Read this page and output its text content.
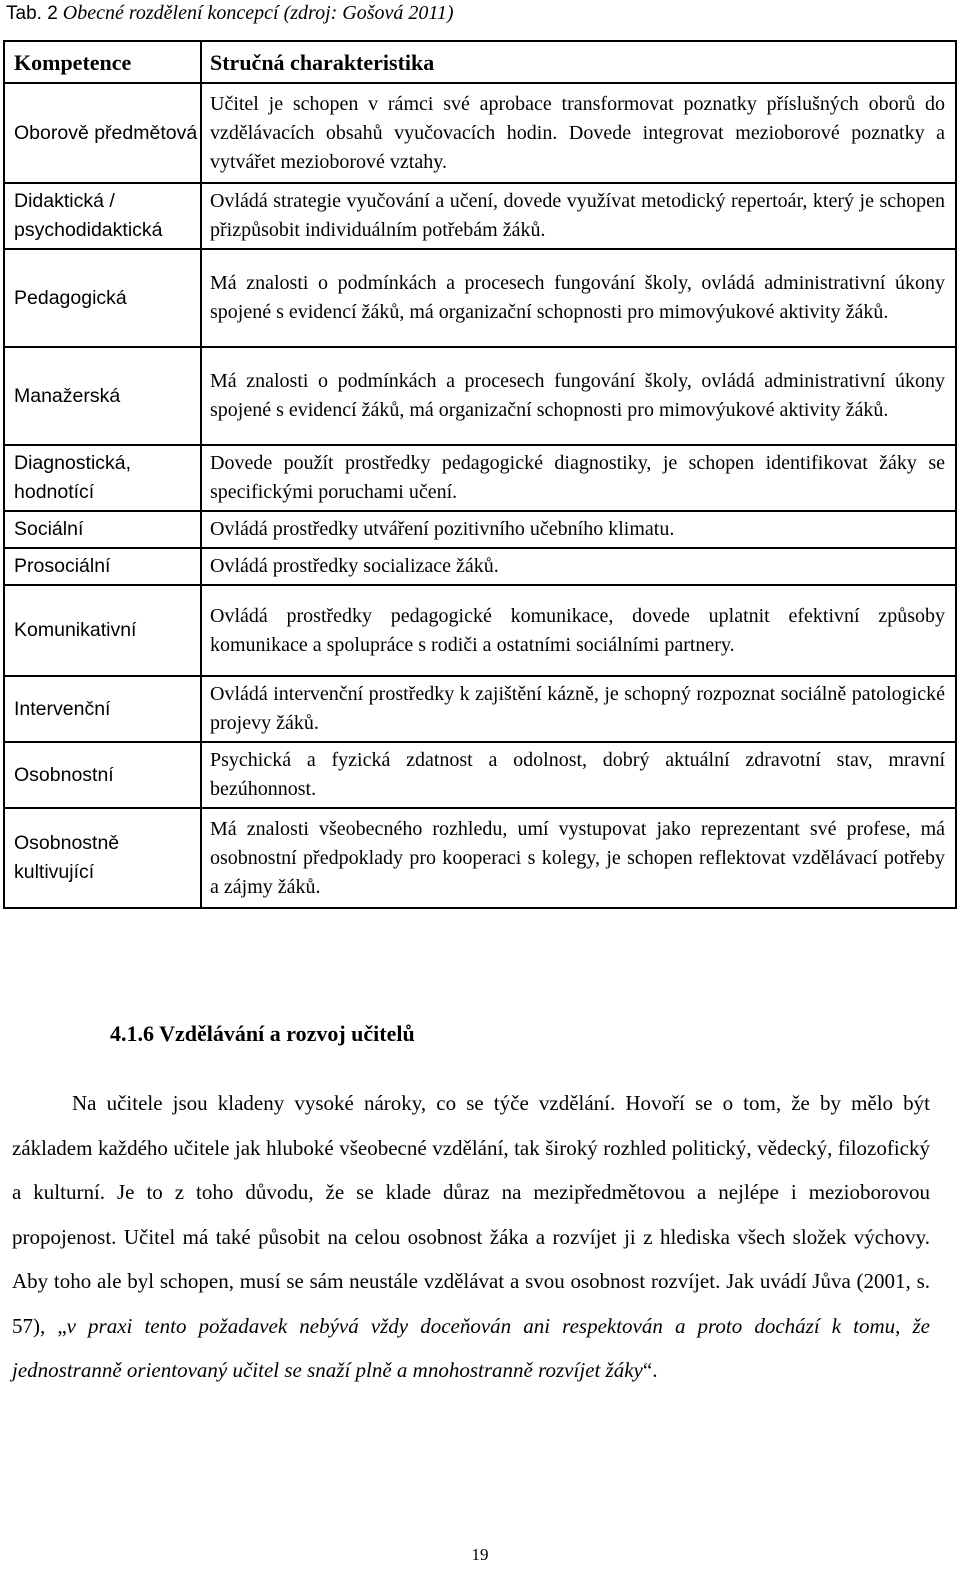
Tab. 2 Obecné rozdělení koncepcí (zdroj: Gošová 2011)
Kompetence	Stručná charakteristika
Oborově předmětová	Učitel je schopen v rámci své aprobace transformovat poznatky příslušných oborů do vzdělávacích obsahů vyučovacích hodin. Dovede integrovat mezioborové poznatky a vytvářet mezioborové vztahy.
Didaktická / psychodidaktická	Ovládá strategie vyučování a učení, dovede využívat metodický repertoár, který je schopen přizpůsobit individuálním potřebám žáků.
Pedagogická	Má znalosti o podmínkách a procesech fungování školy, ovládá administrativní úkony spojené s evidencí žáků, má organizační schopnosti pro mimovýukové aktivity žáků.
Manažerská	Má znalosti o podmínkách a procesech fungování školy, ovládá administrativní úkony spojené s evidencí žáků, má organizační schopnosti pro mimovýukové aktivity žáků.
Diagnostická, hodnotící	Dovede použít prostředky pedagogické diagnostiky, je schopen identifikovat žáky se specifickými poruchami učení.
Sociální	Ovládá prostředky utváření pozitivního učebního klimatu.
Prosociální	Ovládá prostředky socializace žáků.
Komunikativní	Ovládá prostředky pedagogické komunikace, dovede uplatnit efektivní způsoby komunikace a spolupráce s rodiči a ostatními sociálními partnery.
Intervenční	Ovládá intervenční prostředky k zajištění kázně, je schopný rozpoznat sociálně patologické projevy žáků.
Osobnostní	Psychická a fyzická zdatnost a odolnost, dobrý aktuální zdravotní stav, mravní bezúhonnost.
Osobnostně kultivující	Má znalosti všeobecného rozhledu, umí vystupovat jako reprezentant své profese, má osobnostní předpoklady pro kooperaci s kolegy, je schopen reflektovat vzdělávací potřeby a zájmy žáků.
4.1.6 Vzdělávání a rozvoj učitelů

Na učitele jsou kladeny vysoké nároky, co se týče vzdělání. Hovoří se o tom, že by mělo být základem každého učitele jak hluboké všeobecné vzdělání, tak široký rozhled politický, vědecký, filozofický a kulturní. Je to z toho důvodu, že se klade důraz na mezipředmětovou a nejlépe i mezioborovou propojenost. Učitel má také působit na celou osobnost žáka a rozvíjet ji z hlediska všech složek výchovy. Aby toho ale byl schopen, musí se sám neustále vzdělávat a svou osobnost rozvíjet. Jak uvádí Jůva (2001, s. 57), „v praxi tento požadavek nebývá vždy doceňován ani respektován a proto dochází k tomu, že jednostranně orientovaný učitel se snaží plně a mnohostranně rozvíjet žáky“.

19
